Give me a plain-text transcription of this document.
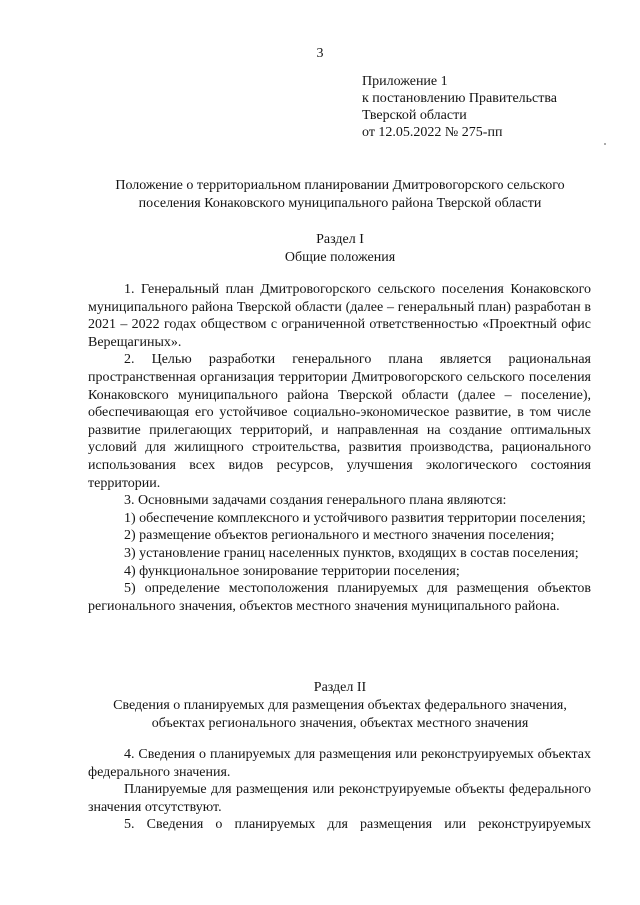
3
Приложение 1
к постановлению Правительства
Тверской области
от 12.05.2022 № 275-пп
Положение о территориальном планировании Дмитровогорского сельского
поселения Конаковского муниципального района Тверской области
Раздел I
Общие положения

1. Генеральный план Дмитровогорского сельского поселения Конаковского муниципального района Тверской области (далее – генеральный план) разработан в 2021 – 2022 годах обществом с ограниченной ответственностью «Проектный офис Верещагиных».

2. Целью разработки генерального плана является рациональная пространственная организация территории Дмитровогорского сельского поселения Конаковского муниципального района Тверской области (далее – поселение), обеспечивающая его устойчивое социально-экономическое развитие, в том числе развитие прилегающих территорий, и направленная на создание оптимальных условий для жилищного строительства, развития производства, рационального использования всех видов ресурсов, улучшения экологического состояния территории.

3. Основными задачами создания генерального плана являются:

1) обеспечение комплексного и устойчивого развития территории поселения;

2) размещение объектов регионального и местного значения поселения;

3) установление границ населенных пунктов, входящих в состав поселения;

4) функциональное зонирование территории поселения;

5) определение местоположения планируемых для размещения объектов регионального значения, объектов местного значения муниципального района.

Раздел II
Сведения о планируемых для размещения объектах федерального значения,
объектах регионального значения, объектах местного значения

4. Сведения о планируемых для размещения или реконструируемых объектах федерального значения.

Планируемые для размещения или реконструируемые объекты федерального значения отсутствуют.

5. Сведения о планируемых для размещения или реконструируемых
